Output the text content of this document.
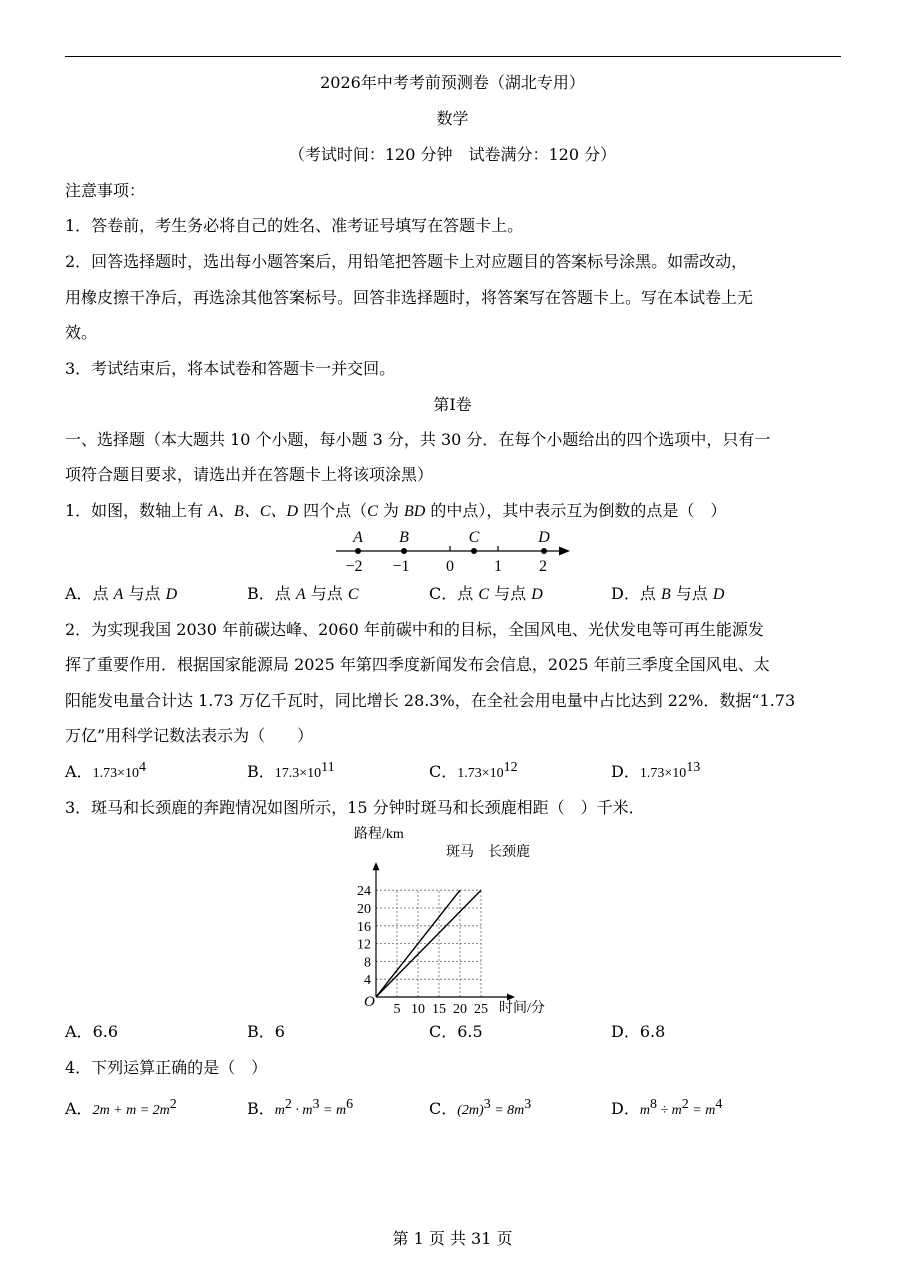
2026年中考考前预测卷（湖北专用）
数学
（考试时间：120 分钟　试卷满分：120 分）
注意事项：
1．答卷前，考生务必将自己的姓名、准考证号填写在答题卡上。
2．回答选择题时，选出每小题答案后，用铅笔把答题卡上对应题目的答案标号涂黑。如需改动，
用橡皮擦干净后，再选涂其他答案标号。回答非选择题时，将答案写在答题卡上。写在本试卷上无
效。
3．考试结束后，将本试卷和答题卡一并交回。
第Ⅰ卷
一、选择题（本大题共 10 个小题，每小题 3 分，共 30 分．在每个小题给出的四个选项中，只有一
项符合题目要求，请选出并在答题卡上将该项涂黑）
1．如图，数轴上有 A、B、C、D 四个点（C 为 BD 的中点），其中表示互为倒数的点是（　）
A B	C	D
−2 −1 0	1 2
A．点 A 与点 D	B．点 A 与点 C	C．点 C 与点 D	D．点 B 与点 D
2．为实现我国 2030 年前碳达峰、2060 年前碳中和的目标，全国风电、光伏发电等可再生能源发
挥了重要作用．根据国家能源局 2025 年第四季度新闻发布会信息，2025 年前三季度全国风电、太
阳能发电量合计达 1.73 万亿千瓦时，同比增长 28.3%，在全社会用电量中占比达到 22%．数据“1.73
万亿”用科学记数法表示为（　　）
A．$1.73\times 10^4$	B．$17.3\times 10^{11}$	C．$1.73\times 10^{12}$	D．$1.73\times 10^{13}$
3．斑马和长颈鹿的奔跑情况如图所示，15 分钟时斑马和长颈鹿相距（　）千米．
4
8
12
16
20
24
5 10 15 20 25
路程/km
时间/分
O
斑马 长颈鹿
A．6.6	B．6	C．6.5	D．6.8
4．下列运算正确的是（　）
A．$2m + m = 2m^2$	B．$m^2 \cdot m^3 = m^6$	C．$(2m)^3 = 8m^3$	D．$m^8 \div m^2 = m^4$
第 1 页 共 31 页
